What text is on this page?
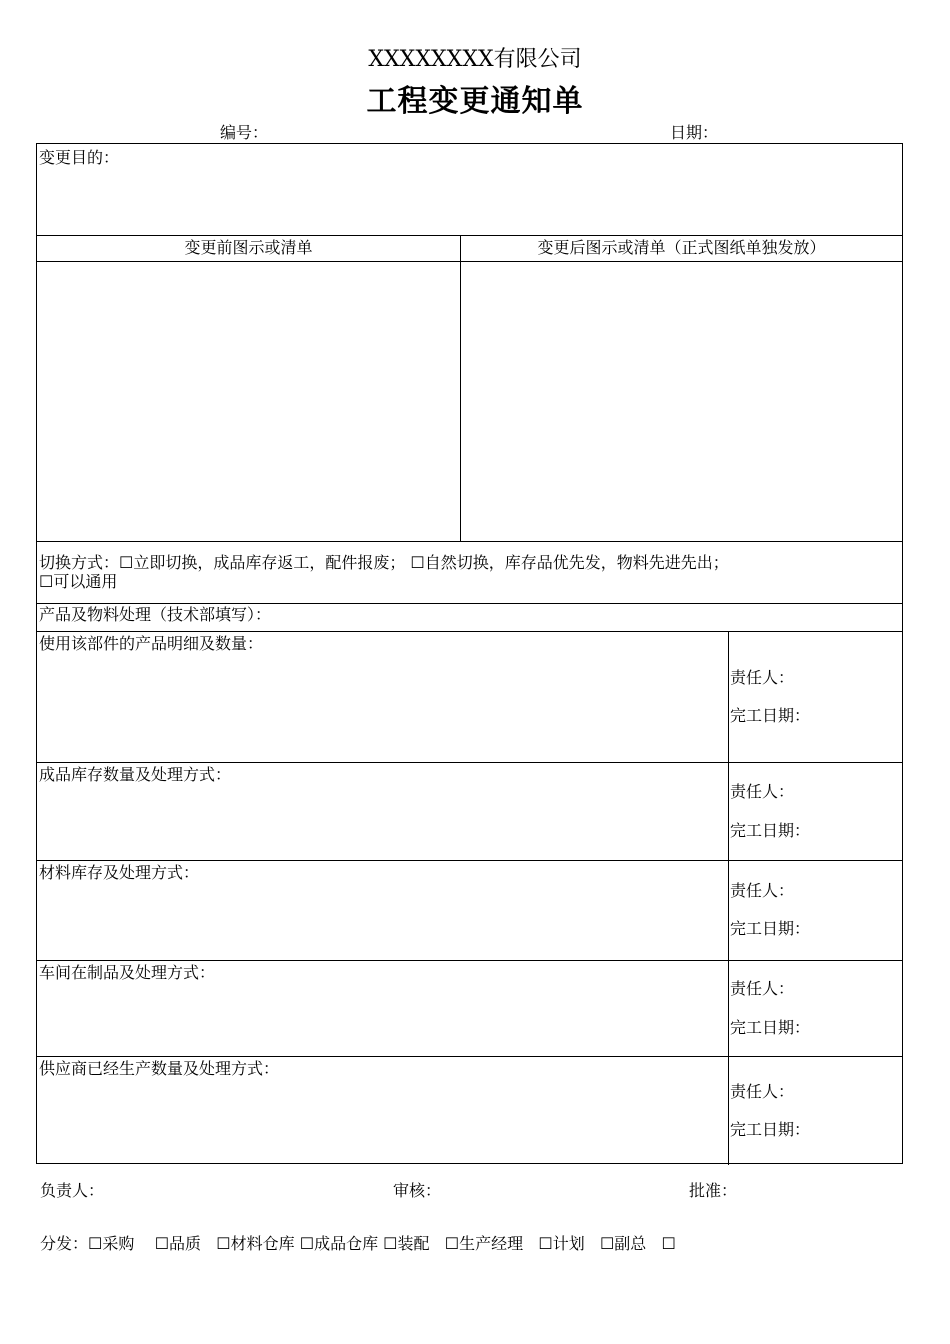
XXXXXXXX有限公司
工程变更通知单
编号：	日期：
变更目的：
变更前图示或清单	变更后图示或清单（正式图纸单独发放）
切换方式：☐立即切换，成品库存返工，配件报废； ☐自然切换，库存品优先发，物料先进先出；
☐可以通用
产品及物料处理（技术部填写）：
使用该部件的产品明细及数量：
责任人：
完工日期：
成品库存数量及处理方式：
责任人：
完工日期：
材料库存及处理方式：
责任人：
完工日期：
车间在制品及处理方式：
责任人：
完工日期：
供应商已经生产数量及处理方式：
责任人：
完工日期：
负责人：	审核：	批准：
分发：☐采购    ☐品质   ☐材料仓库 ☐成品仓库 ☐装配   ☐生产经理   ☐计划   ☐副总   ☐
